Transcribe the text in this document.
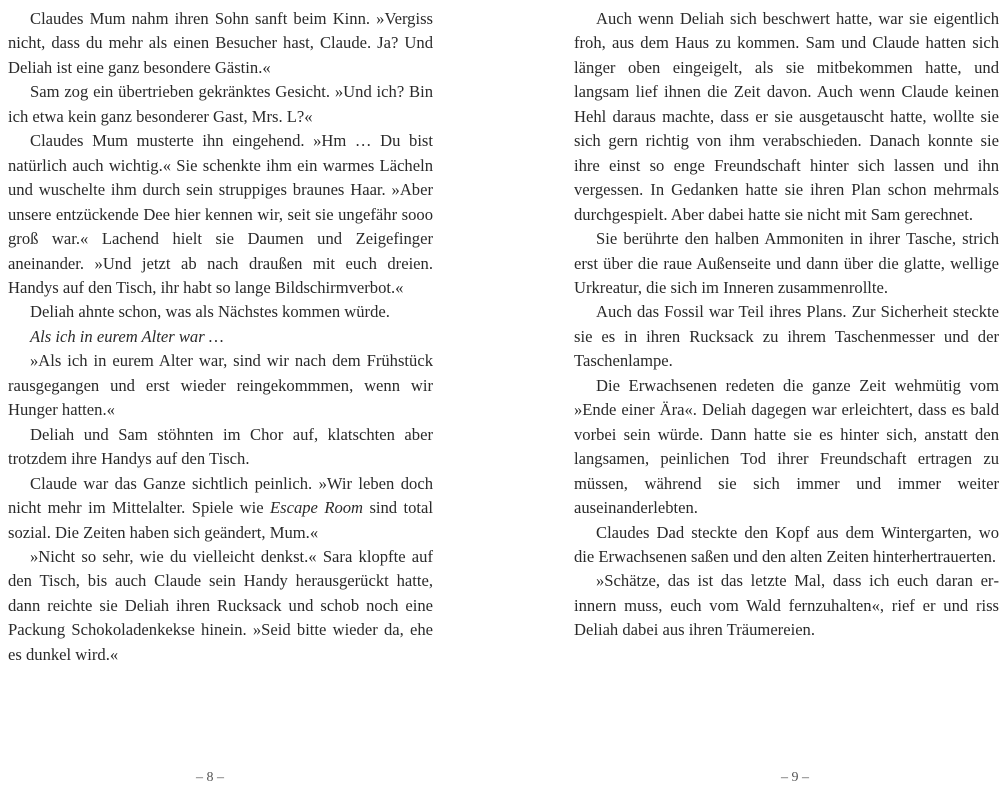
Claudes Mum nahm ihren Sohn sanft beim Kinn. »Vergiss nicht, dass du mehr als einen Besucher hast, Claude. Ja? Und Deliah ist eine ganz besondere Gästin.«

Sam zog ein übertrieben gekränktes Gesicht. »Und ich? Bin ich etwa kein ganz besonderer Gast, Mrs. L?«

Claudes Mum musterte ihn eingehend. »Hm … Du bist natürlich auch wichtig.« Sie schenkte ihm ein warmes Lächeln und wuschelte ihm durch sein struppiges braunes Haar. »Aber unsere entzückende Dee hier kennen wir, seit sie ungefähr sooo groß war.« Lachend hielt sie Daumen und Zeigefinger aneinander. »Und jetzt ab nach draußen mit euch dreien. Handys auf den Tisch, ihr habt so lange Bildschirmverbot.«

Deliah ahnte schon, was als Nächstes kommen würde.

Als ich in eurem Alter war …

»Als ich in eurem Alter war, sind wir nach dem Frühstück rausgegangen und erst wieder reingekommmen, wenn wir Hunger hatten.«

Deliah und Sam stöhnten im Chor auf, klatschten aber trotzdem ihre Handys auf den Tisch.

Claude war das Ganze sichtlich peinlich. »Wir leben doch nicht mehr im Mittelalter. Spiele wie Escape Room sind total sozial. Die Zeiten haben sich geändert, Mum.«

»Nicht so sehr, wie du vielleicht denkst.« Sara klopfte auf den Tisch, bis auch Claude sein Handy herausgerückt hatte, dann reichte sie Deliah ihren Rucksack und schob noch eine Packung Schokoladenkekse hinein. »Seid bitte wieder da, ehe es dunkel wird.«

Auch wenn Deliah sich beschwert hatte, war sie eigentlich froh, aus dem Haus zu kommen. Sam und Claude hatten sich länger oben eingeigelt, als sie mitbekommen hatte, und langsam lief ihnen die Zeit davon. Auch wenn Claude keinen Hehl daraus machte, dass er sie ausgetauscht hatte, wollte sie sich gern richtig von ihm verabschieden. Danach konnte sie ihre einst so enge Freundschaft hinter sich lassen und ihn vergessen. In Gedanken hatte sie ihren Plan schon mehrmals durchgespielt. Aber dabei hatte sie nicht mit Sam gerechnet.

Sie berührte den halben Ammoniten in ihrer Tasche, strich erst über die raue Außenseite und dann über die glatte, wellige Urkreatur, die sich im Inneren zusammenrollte.

Auch das Fossil war Teil ihres Plans. Zur Sicherheit steckte sie es in ihren Rucksack zu ihrem Taschenmesser und der Taschenlampe.

Die Erwachsenen redeten die ganze Zeit wehmütig vom »Ende einer Ära«. Deliah dagegen war erleichtert, dass es bald vorbei sein würde. Dann hatte sie es hinter sich, anstatt den langsamen, peinlichen Tod ihrer Freundschaft ertragen zu müssen, während sie sich immer und immer weiter auseinanderlebten.

Claudes Dad steckte den Kopf aus dem Wintergarten, wo die Erwachsenen saßen und den alten Zeiten hinterhertrauerten.

»Schätze, das ist das letzte Mal, dass ich euch daran erinnern muss, euch vom Wald fernzuhalten«, rief er und riss Deliah dabei aus ihren Träumereien.

– 8 –	– 9 –
